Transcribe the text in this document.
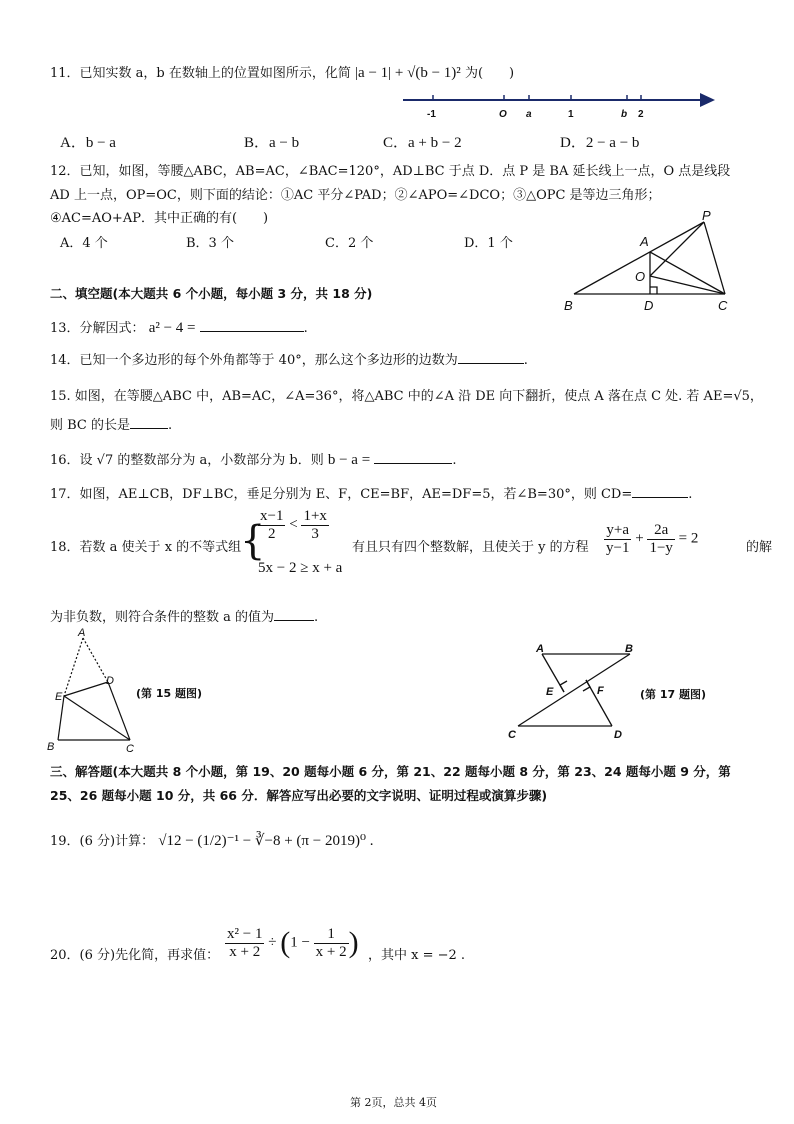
11．已知实数 a，b 在数轴上的位置如图所示，化简 |a − 1| + √(b − 1)² 为(　　)
-1	O a	1	b 2
A．b − a	B．a − b	C．a + b − 2	D．2 − a − b
12．已知，如图，等腰△ABC，AB=AC，∠BAC=120°，AD⊥BC 于点 D．点 P 是 BA 延长线上一点，O 点是线段
AD 上一点，OP=OC，则下面的结论：①AC 平分∠PAD；②∠APO=∠DCO；③△OPC 是等边三角形；
④AC=AO+AP．其中正确的有(　　)
A．4 个	B．3 个	C．2 个	D．1 个
P
A
O
B	D	C
二、填空题(本大题共 6 个小题，每小题 3 分，共 18 分)
13．分解因式： a² − 4 =	.
14．已知一个多边形的每个外角都等于 40°，那么这个多边形的边数为	.
15. 如图，在等腰△ABC 中，AB=AC，∠A=36°，将△ABC 中的∠A 沿 DE 向下翻折，使点 A 落在点 C 处. 若 AE=√5，
则 BC 的长是	.
16．设 √7 的整数部分为 a，小数部分为 b．则 b − a =	.
17．如图，AE⊥CB，DF⊥BC，垂足分别为 E、F，CE=BF，AE=DF=5，若∠B=30°，则 CD=	.
18．若数 a 使关于 x 的不等式组
{
$\frac{x-1}{2} < \frac{1+x}{3}$
5x − 2 ≥ x + a
有且只有四个整数解，且使关于 y 的方程 $\frac{y+a}{y-1} + \frac{2a}{1-y} = 2$
的解
为非负数，则符合条件的整数 a 的值为	.
A
D
E
B	C
(第 15 题图)
A	B
E	F
C	D
(第 17 题图)
三、解答题(本大题共 8 个小题，第 19、20 题每小题 6 分，第 21、22 题每小题 8 分，第 23、24 题每小题 9 分，第
25、26 题每小题 10 分，共 66 分．解答应写出必要的文字说明、证明过程或演算步骤)
19．(6 分)计算： √12 − (1/2)⁻¹ − ∛−8 + (π − 2019)⁰ .
20．(6 分)先化简，再求值： $\frac{\text{x² − 1}}{x + 2} \div (1 - \frac{1}{x + 2}$ ) ，其中 x = −2 .
第 2页，总共 4页
